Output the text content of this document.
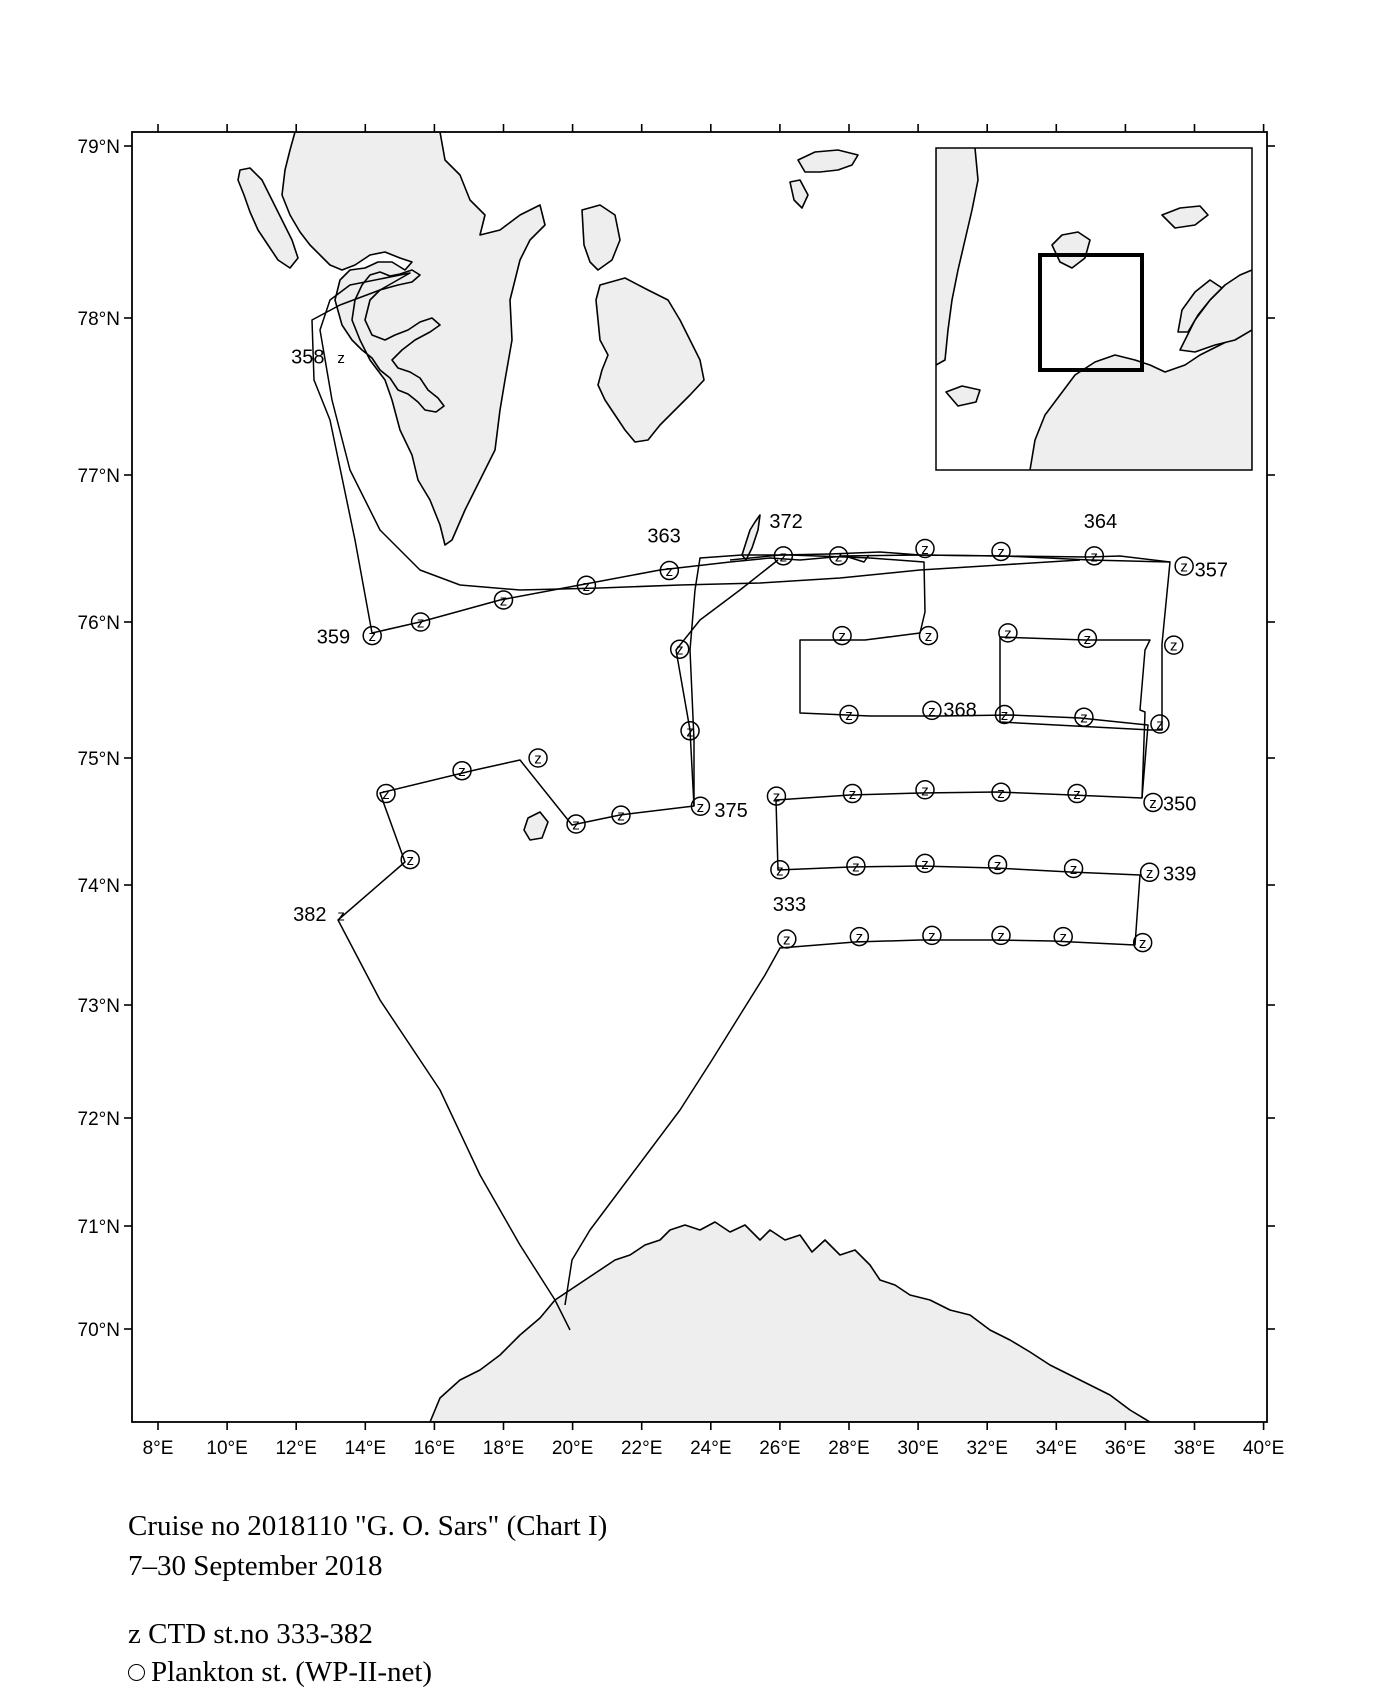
79°N
78°N
77°N
76°N
75°N
74°N
73°N
72°N
71°N
70°N
8°E 10°E 12°E 14°E 16°E 18°E 20°E 22°E 24°E 26°E 28°E 30°E 32°E 34°E 36°E 38°E 40°E
z
z
z
z
z
z	z	z	z	z
z
z
z	z	z	z	z
z
z	z	z	z	z
z
z
z
z
z
z
z
z	z	z	z	z
z
z	z	z	z	z	z
z	z	z	z	z	z
z
z
358
359
363
372	364
357
368
375	350
339
333
382
Cruise no 2018110 "G. O. Sars" (Chart I)
7–30 September 2018
z CTD st.no 333-382
Plankton st. (WP-II-net)
